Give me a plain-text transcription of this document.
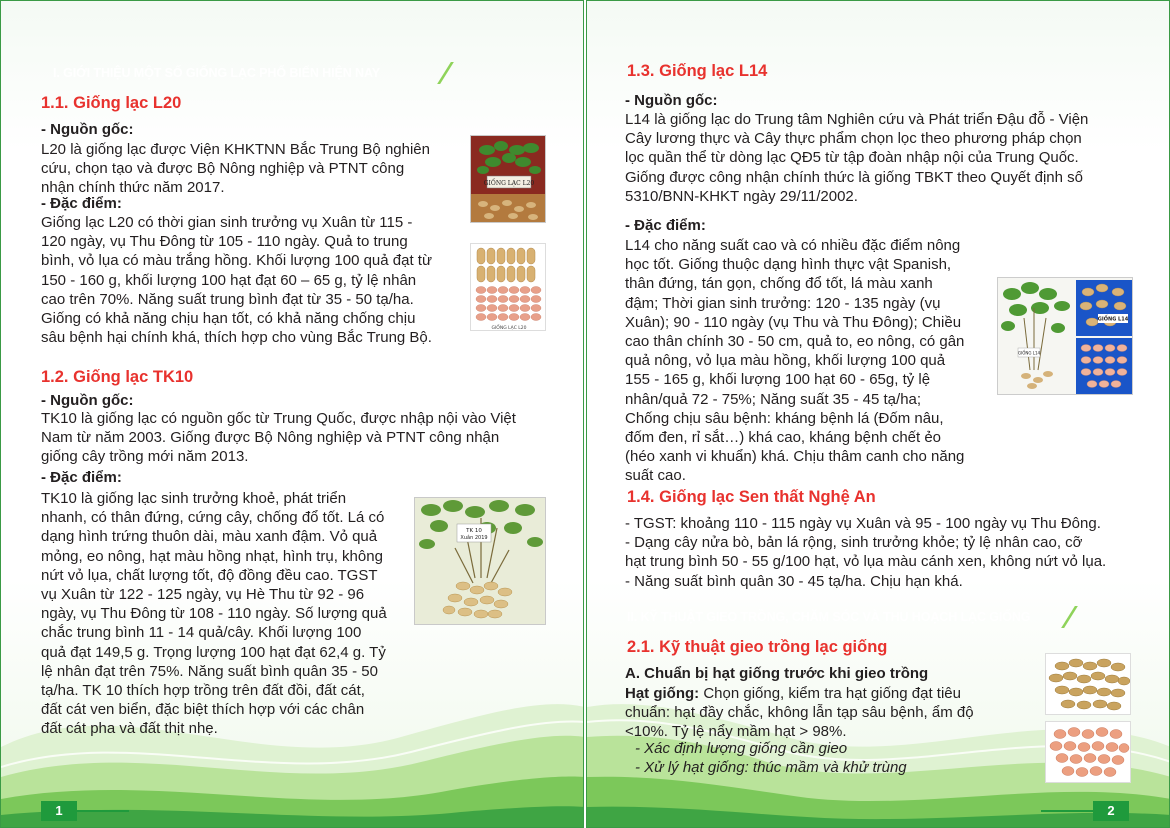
I. GIỚI THIỆU MỘT SỐ GIỐNG LẠC PHỔ BIẾN HIỆN NAY
1.1. Giống lạc L20
- Nguồn gốc:
L20 là giống lạc được Viện KHKTNN Bắc Trung Bộ nghiên
cứu, chọn tạo và được Bộ Nông nghiệp và PTNT công
nhận chính thức năm 2017.
- Đặc điểm:
Giống lạc L20 có thời gian sinh trưởng vụ Xuân từ 115 -
120 ngày, vụ Thu Đông từ 105 - 110 ngày. Quả to trung
bình, vỏ lụa có màu trắng hồng. Khối lượng 100 quả đạt từ
150 - 160 g, khối lượng 100 hạt đạt 60 – 65 g, tỷ lệ nhân
cao trên 70%. Năng suất trung bình đạt từ 35 - 50 tạ/ha.
Giống có khả năng chịu hạn tốt, có khả năng chống chịu
sâu bệnh hại chính khá, thích hợp cho vùng Bắc Trung Bộ.
GIỐNG LẠC L20
GIỐNG LẠC L20
1.2. Giống lạc TK10
- Nguồn gốc:
TK10 là giống lạc có nguồn gốc từ Trung Quốc, được nhập nội vào Việt
Nam từ năm 2003. Giống được Bộ Nông nghiệp và PTNT công nhận
giống cây trồng mới năm 2013.
- Đặc điểm:
TK10 là giống lạc sinh trưởng khoẻ, phát triển
nhanh, có thân đứng, cứng cây, chống đổ tốt. Lá có
dạng hình trứng thuôn dài, màu xanh đậm. Vỏ quả
mỏng, eo nông, hạt màu hồng nhạt, hình trụ, không
nứt vỏ lụa, chất lượng tốt, độ đồng đều cao. TGST
vụ Xuân từ 122 - 125 ngày, vụ Hè Thu từ 92 - 96
ngày, vụ Thu Đông từ 108 - 110 ngày. Số lượng quả
chắc trung bình 11 - 14 quả/cây. Khối lượng 100
quả đạt 149,5 g. Trọng lượng 100 hạt đạt 62,4 g. Tỷ
lệ nhân đạt trên 75%. Năng suất bình quân 35 - 50
tạ/ha. TK 10 thích hợp trồng trên đất đồi, đất cát,
đất cát ven biển, đặc biệt thích hợp với các chân
đất cát pha và đất thịt nhẹ.
TK 10
Xuân 2019
1
1.3. Giống lạc L14
- Nguồn gốc:
L14 là giống lạc do Trung tâm Nghiên cứu và Phát triển Đậu đỗ - Viện
Cây lương thực và Cây thực phẩm chọn lọc theo phương pháp chọn
lọc quần thể từ dòng lạc QĐ5 từ tập đoàn nhập nội của Trung Quốc.
Giống được công nhận chính thức là giống TBKT theo Quyết định số
5310/BNN-KHKT ngày 29/11/2002.
- Đặc điểm:
L14 cho năng suất cao và có nhiều đặc điểm nông
học tốt. Giống thuộc dạng hình thực vật Spanish,
thân đứng, tán gọn, chống đổ tốt, lá màu xanh
đậm; Thời gian sinh trưởng: 120 - 135 ngày (vụ
Xuân); 90 - 110 ngày (vụ Thu và Thu Đông); Chiều
cao thân chính 30 - 50 cm, quả to, eo nông, có gân
quả nông, vỏ lụa màu hồng, khối lượng 100 quả
155 - 165 g, khối lượng 100 hạt 60 - 65g, tỷ lệ
nhân/quả 72 - 75%; Năng suất 35 - 45 tạ/ha;
Chống chịu sâu bệnh: kháng bệnh lá (Đốm nâu,
đốm đen, rỉ sắt…) khá cao, kháng bệnh chết ẻo
(héo xanh vi khuẩn) khá. Chịu thâm canh cho năng
suất cao.
GIỐNG L14
GIỐNG L14
1.4. Giống lạc Sen thất Nghệ An
- TGST: khoảng 110 - 115 ngày vụ Xuân và 95 - 100 ngày vụ Thu Đông.
- Dạng cây nửa bò, bản lá rộng, sinh trưởng khỏe; tỷ lệ nhân cao, cỡ
hạt trung bình 50 - 55 g/100 hạt, vỏ lụa màu cánh xen, không nứt vỏ lụa.
- Năng suất bình quân 30 - 45 tạ/ha. Chịu hạn khá.
II. KỸ THUẬT GIEO TRỒNG, CHĂM SÓC VÀ THU HOẠCH LẠC GIỐNG
2.1. Kỹ thuật gieo trồng lạc giống
A. Chuẩn bị hạt giống trước khi gieo trồng
Hạt giống: Chọn giống, kiểm tra hạt giống đạt tiêu
chuẩn: hạt đầy chắc, không lẫn tạp sâu bệnh, ẩm độ
<10%. Tỷ lệ nẩy mầm hạt > 98%.
- Xác định lượng giống cần gieo
- Xử lý hạt giống: thúc mầm và khử trùng
2
